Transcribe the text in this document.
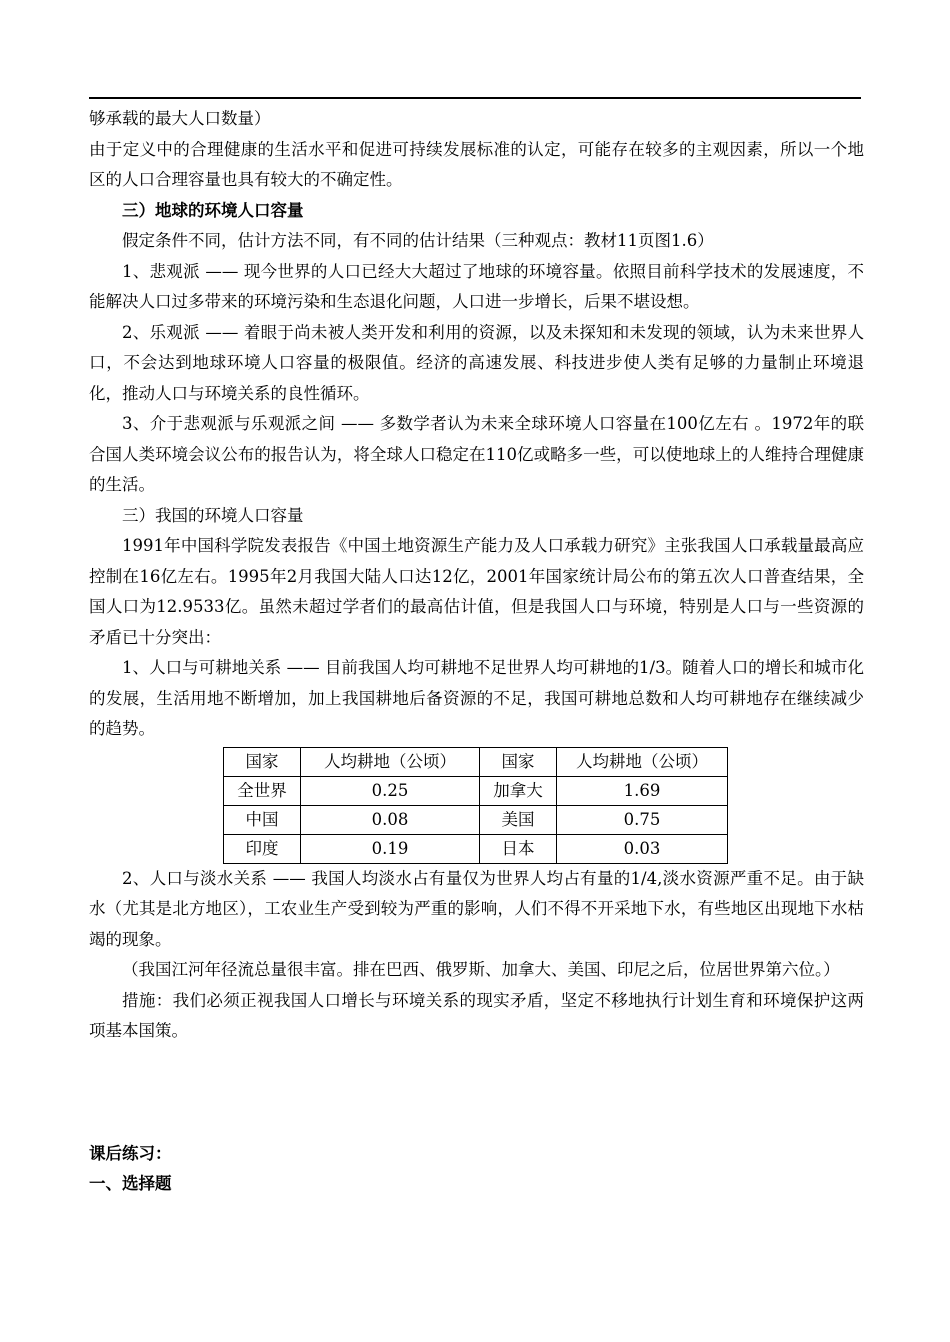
够承载的最大人口数量）

由于定义中的合理健康的生活水平和促进可持续发展标准的认定，可能存在较多的主观因素，所以一个地区的人口合理容量也具有较大的不确定性。

三）地球的环境人口容量

假定条件不同，估计方法不同，有不同的估计结果（三种观点：教材11页图1.6）

1、悲观派 —— 现今世界的人口已经大大超过了地球的环境容量。依照目前科学技术的发展速度，不能解决人口过多带来的环境污染和生态退化问题，人口进一步增长，后果不堪设想。

2、乐观派 —— 着眼于尚未被人类开发和利用的资源，以及未探知和未发现的领域，认为未来世界人口，不会达到地球环境人口容量的极限值。经济的高速发展、科技进步使人类有足够的力量制止环境退化，推动人口与环境关系的良性循环。

3、介于悲观派与乐观派之间 —— 多数学者认为未来全球环境人口容量在100亿左右 。1972年的联合国人类环境会议公布的报告认为，将全球人口稳定在110亿或略多一些，可以使地球上的人维持合理健康的生活。

三）我国的环境人口容量

1991年中国科学院发表报告《中国土地资源生产能力及人口承载力研究》主张我国人口承载量最高应控制在16亿左右。1995年2月我国大陆人口达12亿，2001年国家统计局公布的第五次人口普查结果，全国人口为12.9533亿。虽然未超过学者们的最高估计值，但是我国人口与环境，特别是人口与一些资源的矛盾已十分突出：

1、人口与可耕地关系 —— 目前我国人均可耕地不足世界人均可耕地的1/3。随着人口的增长和城市化的发展，生活用地不断增加，加上我国耕地后备资源的不足，我国可耕地总数和人均可耕地存在继续减少的趋势。

国家	人均耕地（公顷）	国家	人均耕地（公顷）
全世界	0.25	加拿大	1.69
中国	0.08	美国	0.75
印度	0.19	日本	0.03

2、人口与淡水关系 —— 我国人均淡水占有量仅为世界人均占有量的1/4,淡水资源严重不足。由于缺水（尤其是北方地区），工农业生产受到较为严重的影响，人们不得不开采地下水，有些地区出现地下水枯竭的现象。

（我国江河年径流总量很丰富。排在巴西、俄罗斯、加拿大、美国、印尼之后，位居世界第六位。）

措施：我们必须正视我国人口增长与环境关系的现实矛盾，坚定不移地执行计划生育和环境保护这两项基本国策。

课后练习：

一、选择题
